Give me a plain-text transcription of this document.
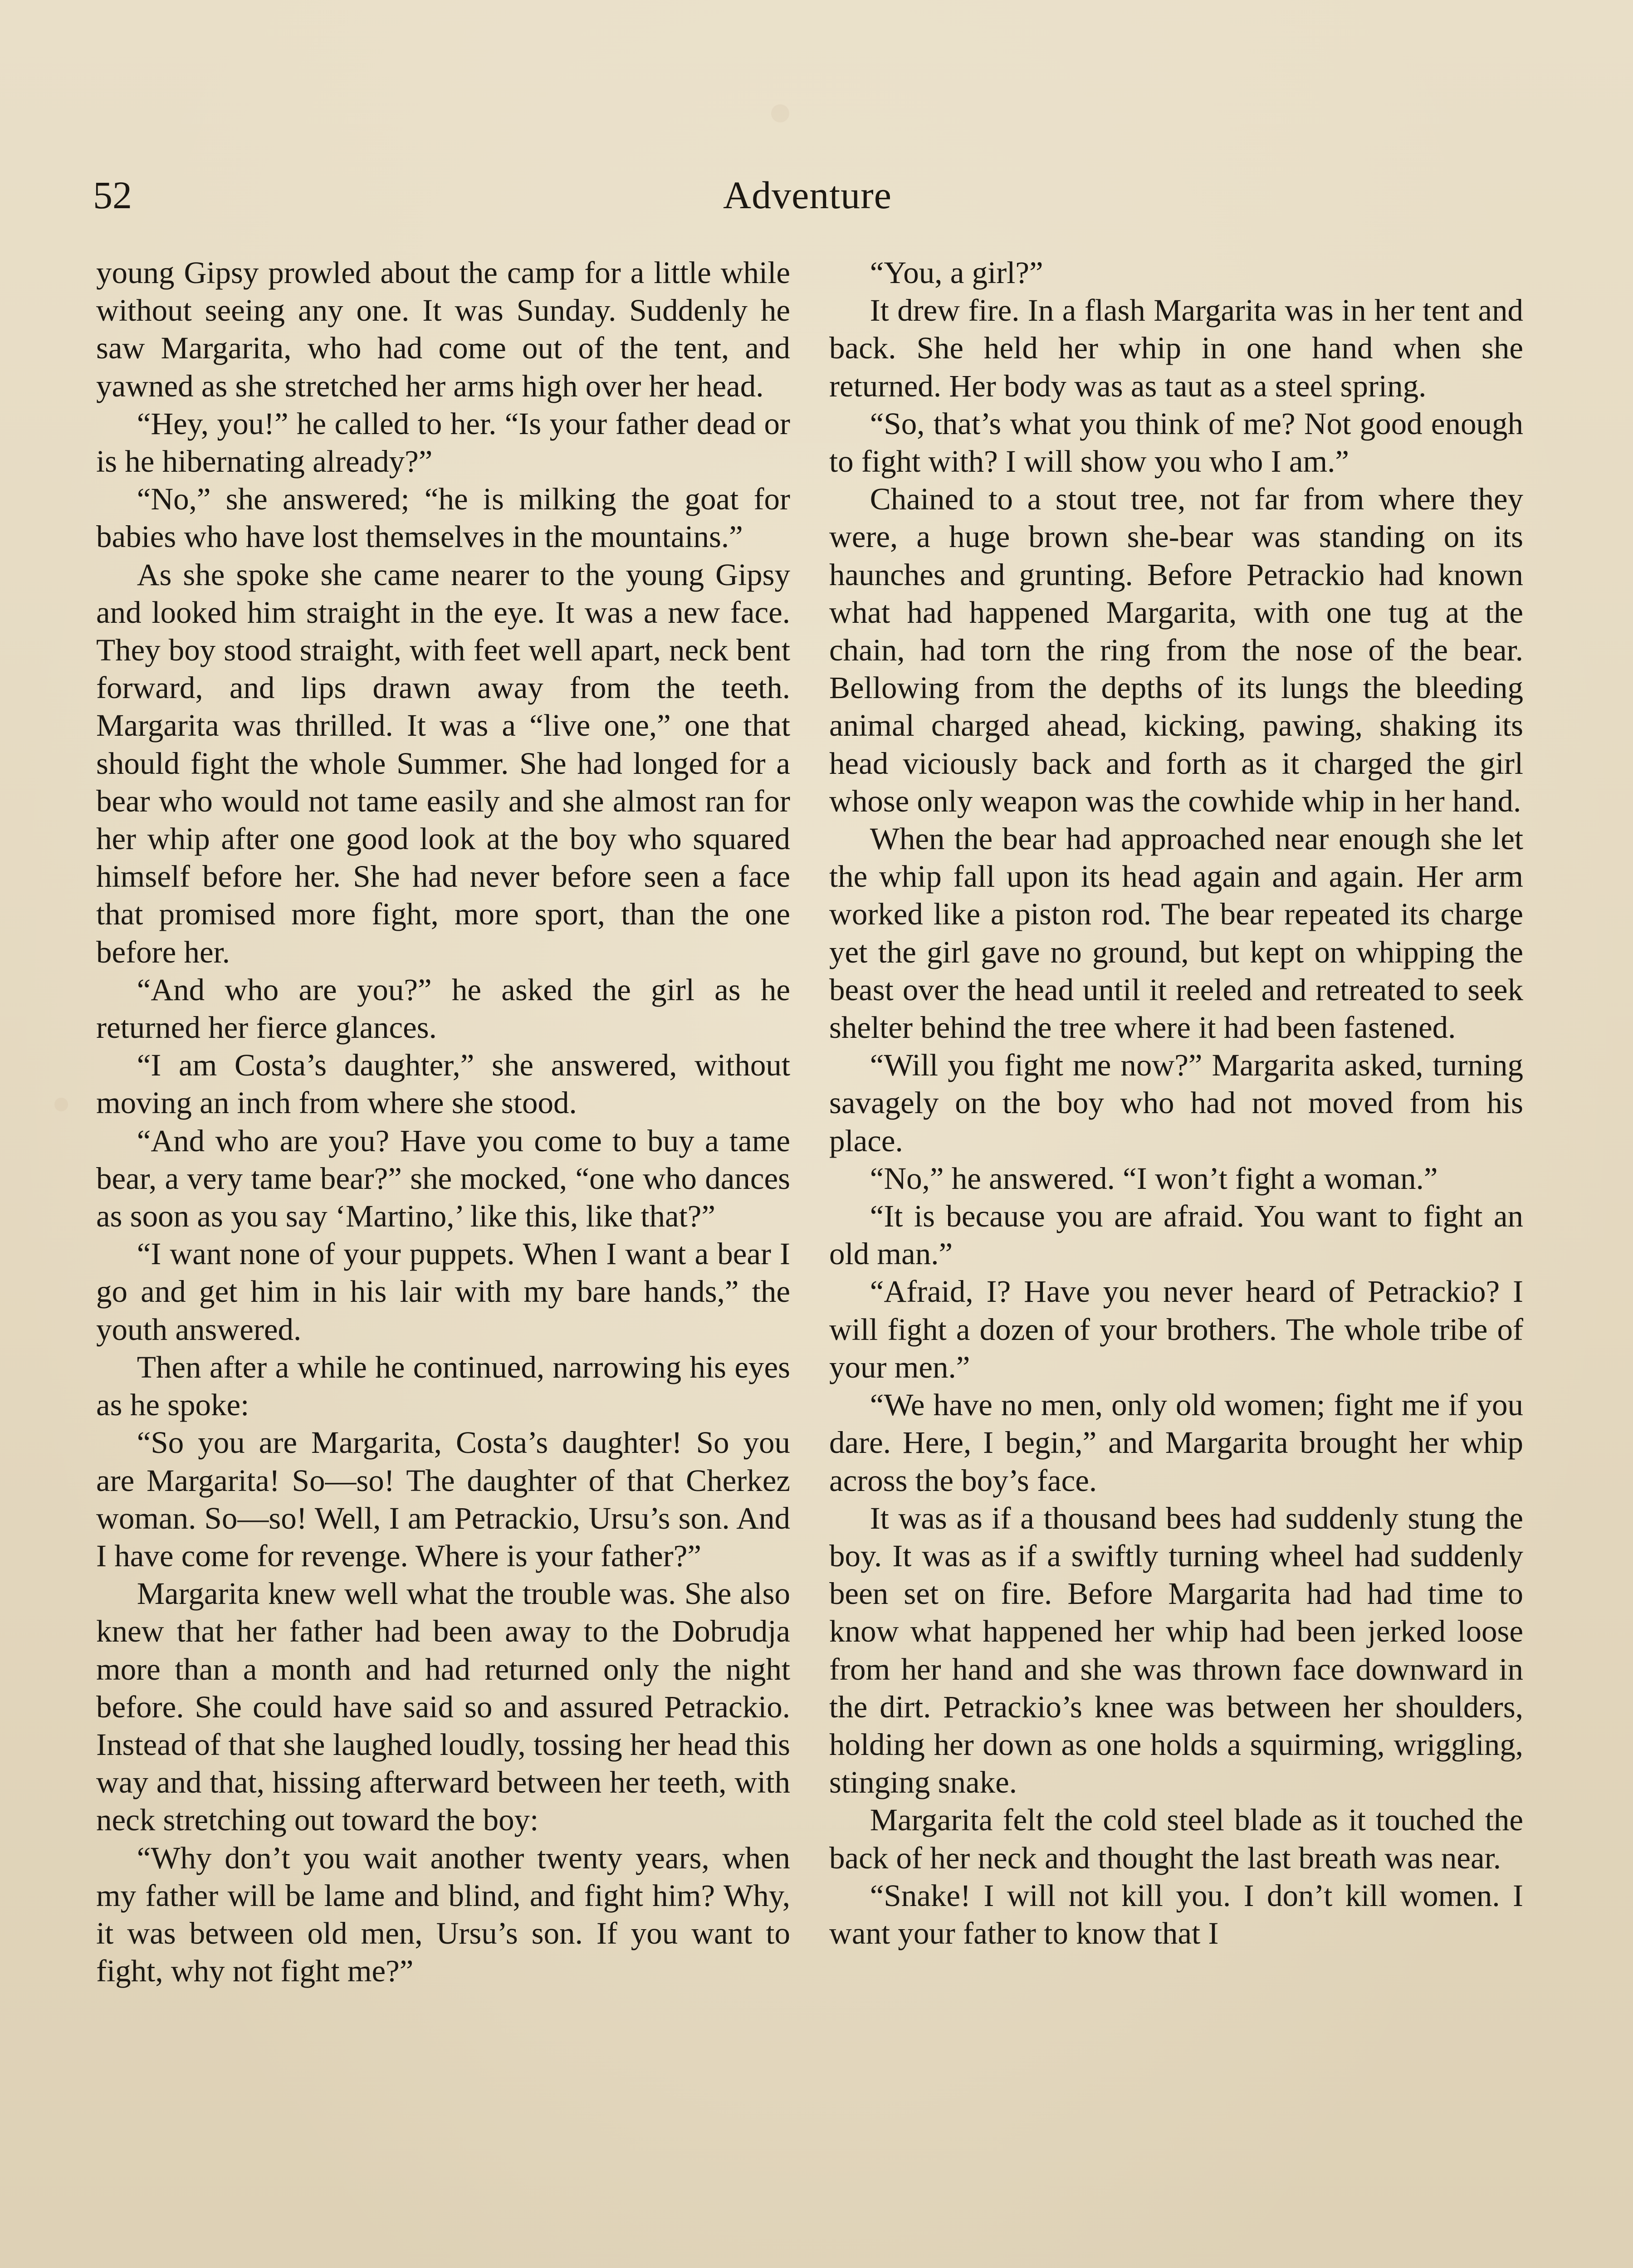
52	Adventure

young Gipsy prowled about the camp for a little while without seeing any one. It was Sunday. Suddenly he saw Margarita, who had come out of the tent, and yawned as she stretched her arms high over her head.

“Hey, you!” he called to her. “Is your father dead or is he hibernating already?”

“No,” she answered; “he is milking the goat for babies who have lost themselves in the mountains.”

As she spoke she came nearer to the young Gipsy and looked him straight in the eye. It was a new face. They boy stood straight, with feet well apart, neck bent forward, and lips drawn away from the teeth. Margarita was thrilled. It was a “live one,” one that should fight the whole Summer. She had longed for a bear who would not tame easily and she almost ran for her whip after one good look at the boy who squared himself before her. She had never before seen a face that promised more fight, more sport, than the one before her.

“And who are you?” he asked the girl as he returned her fierce glances.

“I am Costa’s daughter,” she answered, without moving an inch from where she stood.

“And who are you? Have you come to buy a tame bear, a very tame bear?” she mocked, “one who dances as soon as you say ‘Martino,’ like this, like that?”

“I want none of your puppets. When I want a bear I go and get him in his lair with my bare hands,” the youth answered.

Then after a while he continued, narrowing his eyes as he spoke:

“So you are Margarita, Costa’s daughter! So you are Margarita! So—so! The daughter of that Cherkez woman. So—so! Well, I am Petrackio, Ursu’s son. And I have come for revenge. Where is your father?”

Margarita knew well what the trouble was. She also knew that her father had been away to the Dobrudja more than a month and had returned only the night before. She could have said so and assured Petrackio. Instead of that she laughed loudly, tossing her head this way and that, hissing afterward between her teeth, with neck stretching out toward the boy:

“Why don’t you wait another twenty years, when my father will be lame and blind, and fight him? Why, it was between old men, Ursu’s son. If you want to fight, why not fight me?”

“You, a girl?”

It drew fire. In a flash Margarita was in her tent and back. She held her whip in one hand when she returned. Her body was as taut as a steel spring.

“So, that’s what you think of me? Not good enough to fight with? I will show you who I am.”

Chained to a stout tree, not far from where they were, a huge brown she-bear was standing on its haunches and grunting. Before Petrackio had known what had happened Margarita, with one tug at the chain, had torn the ring from the nose of the bear. Bellowing from the depths of its lungs the bleeding animal charged ahead, kicking, pawing, shaking its head viciously back and forth as it charged the girl whose only weapon was the cowhide whip in her hand.

When the bear had approached near enough she let the whip fall upon its head again and again. Her arm worked like a piston rod. The bear repeated its charge yet the girl gave no ground, but kept on whipping the beast over the head until it reeled and retreated to seek shelter behind the tree where it had been fastened.

“Will you fight me now?” Margarita asked, turning savagely on the boy who had not moved from his place.

“No,” he answered. “I won’t fight a woman.”

“It is because you are afraid. You want to fight an old man.”

“Afraid, I? Have you never heard of Petrackio? I will fight a dozen of your brothers. The whole tribe of your men.”

“We have no men, only old women; fight me if you dare. Here, I begin,” and Margarita brought her whip across the boy’s face.

It was as if a thousand bees had suddenly stung the boy. It was as if a swiftly turning wheel had suddenly been set on fire. Before Margarita had had time to know what happened her whip had been jerked loose from her hand and she was thrown face downward in the dirt. Petrackio’s knee was between her shoulders, holding her down as one holds a squirming, wriggling, stinging snake.

Margarita felt the cold steel blade as it touched the back of her neck and thought the last breath was near.

“Snake! I will not kill you. I don’t kill women. I want your father to know that I
